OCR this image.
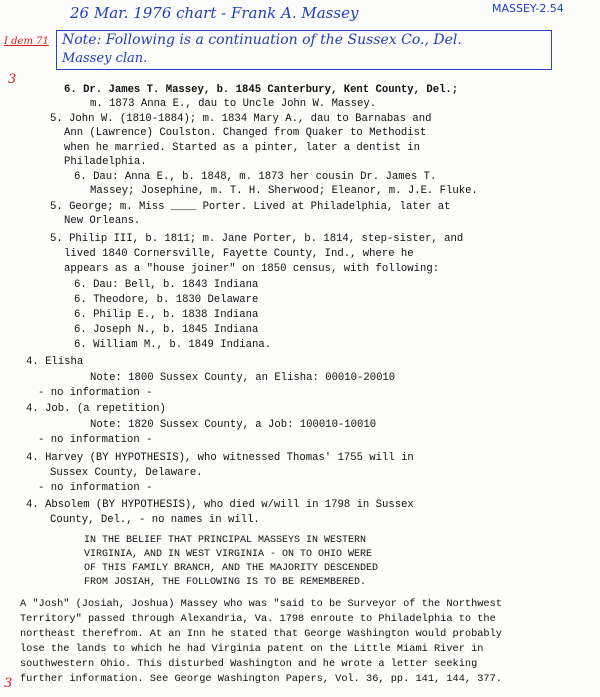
26 Mar. 1976 chart - Frank A. Massey	MASSEY-2.54
I dem 71
3
Note: Following is a continuation of the Sussex Co., Del.
Massey clan.
6. Dr. James T. Massey, b. 1845 Canterbury, Kent County, Del.;
m. 1873 Anna E., dau to Uncle John W. Massey.
5. John W. (1810-1884); m. 1834 Mary A., dau to Barnabas and
Ann (Lawrence) Coulston. Changed from Quaker to Methodist
when he married. Started as a pinter, later a dentist in
Philadelphia.
6. Dau: Anna E., b. 1848, m. 1873 her cousin Dr. James T.
Massey; Josephine, m. T. H. Sherwood; Eleanor, m. J.E. Fluke.
5. George; m. Miss ____ Porter. Lived at Philadelphia, later at
New Orleans.
5. Philip III, b. 1811; m. Jane Porter, b. 1814, step-sister, and
lived 1840 Cornersville, Fayette County, Ind., where he
appears as a "house joiner" on 1850 census, with following:
6. Dau: Bell, b. 1843 Indiana
6. Theodore, b. 1830 Delaware
6. Philip E., b. 1838 Indiana
6. Joseph N., b. 1845 Indiana
6. William M., b. 1849 Indiana.
4. Elisha
Note: 1800 Sussex County, an Elisha: 00010-20010
- no information -
4. Job. (a repetition)
Note: 1820 Sussex County, a Job: 100010-10010
- no information -
4. Harvey (BY HYPOTHESIS), who witnessed Thomas' 1755 will in
Sussex County, Delaware.
- no information -
4. Absolem (BY HYPOTHESIS), who died w/will in 1798 in Sussex
County, Del., - no names in will.
IN THE BELIEF THAT PRINCIPAL MASSEYS IN WESTERN
VIRGINIA, AND IN WEST VIRGINIA - ON TO OHIO WERE
OF THIS FAMILY BRANCH, AND THE MAJORITY DESCENDED
FROM JOSIAH, THE FOLLOWING IS TO BE REMEMBERED.
A "Josh" (Josiah, Joshua) Massey who was "said to be Surveyor of the Northwest
Territory" passed through Alexandria, Va. 1798 enroute to Philadelphia to the
northeast therefrom. At an Inn he stated that George Washington would probably
lose the lands to which he had Virginia patent on the Little Miami River in
southwestern Ohio. This disturbed Washington and he wrote a letter seeking
further information. See George Washington Papers, Vol. 36, pp. 141, 144, 377.
3
